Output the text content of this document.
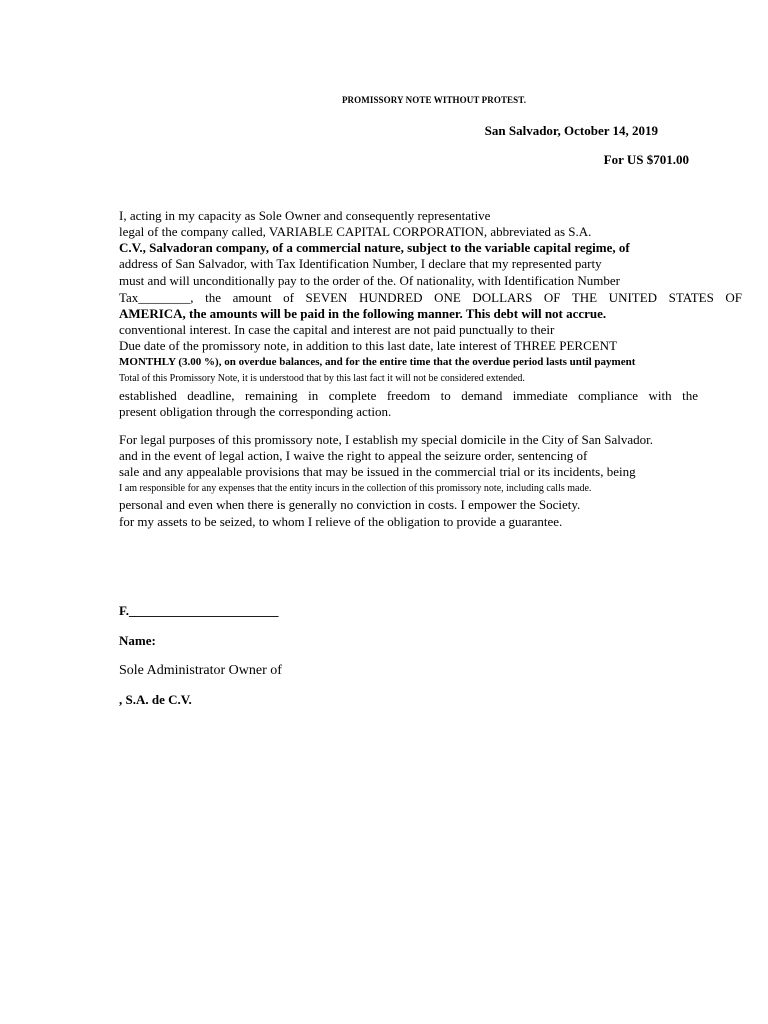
PROMISSORY NOTE WITHOUT PROTEST.
San Salvador, October 14, 2019
For US $701.00
I, acting in my capacity as Sole Owner and consequently representative
legal of the company called, VARIABLE CAPITAL CORPORATION, abbreviated as S.A.
C.V., Salvadoran company, of a commercial nature, subject to the variable capital regime, of
address of San Salvador, with Tax Identification Number, I declare that my represented party
must and will unconditionally pay to the order of the. Of nationality, with Identification Number
Tax________, the amount of SEVEN HUNDRED ONE DOLLARS OF THE UNITED STATES OF
AMERICA, the amounts will be paid in the following manner. This debt will not accrue.
conventional interest. In case the capital and interest are not paid punctually to their
Due date of the promissory note, in addition to this last date, late interest of THREE PERCENT
MONTHLY (3.00 %), on overdue balances, and for the entire time that the overdue period lasts until payment
Total of this Promissory Note, it is understood that by this last fact it will not be considered extended.
established deadline, remaining in complete freedom to demand immediate compliance with the
present obligation through the corresponding action.
For legal purposes of this promissory note, I establish my special domicile in the City of San Salvador.
and in the event of legal action, I waive the right to appeal the seizure order, sentencing of
sale and any appealable provisions that may be issued in the commercial trial or its incidents, being
I am responsible for any expenses that the entity incurs in the collection of this promissory note, including calls made.
personal and even when there is generally no conviction in costs. I empower the Society.
for my assets to be seized, to whom I relieve of the obligation to provide a guarantee.
F._______________________
Name:
Sole Administrator Owner of
, S.A. de C.V.
